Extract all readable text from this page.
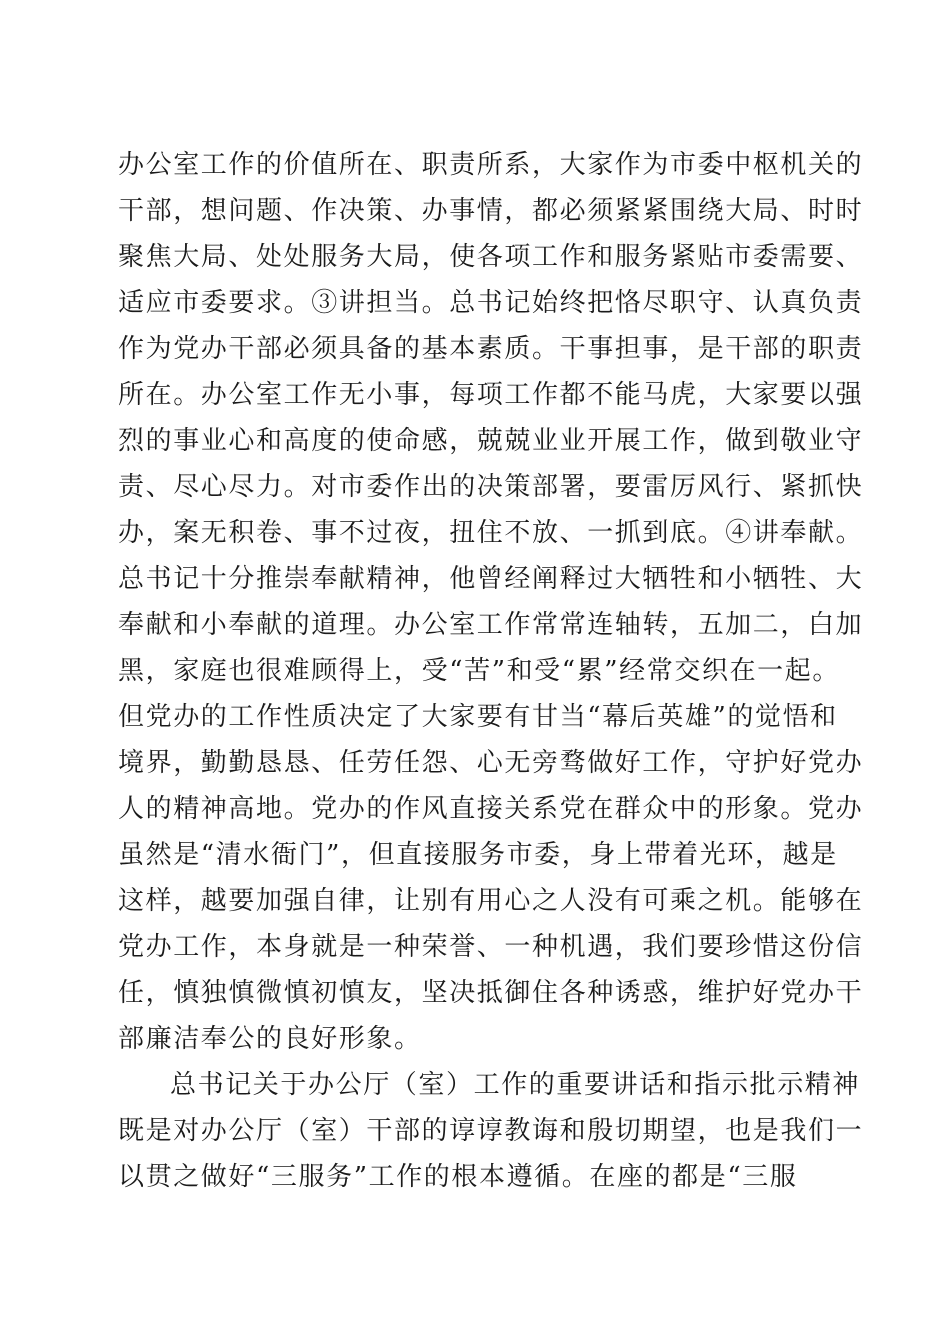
办公室工作的价值所在、职责所系，大家作为市委中枢机关的
干部，想问题、作决策、办事情，都必须紧紧围绕大局、时时
聚焦大局、处处服务大局，使各项工作和服务紧贴市委需要、
适应市委要求。③讲担当。总书记始终把恪尽职守、认真负责
作为党办干部必须具备的基本素质。干事担事，是干部的职责
所在。办公室工作无小事，每项工作都不能马虎，大家要以强
烈的事业心和高度的使命感，兢兢业业开展工作，做到敬业守
责、尽心尽力。对市委作出的决策部署，要雷厉风行、紧抓快
办，案无积卷、事不过夜，扭住不放、一抓到底。④讲奉献。
总书记十分推崇奉献精神，他曾经阐释过大牺牲和小牺牲、大
奉献和小奉献的道理。办公室工作常常连轴转，五加二，白加
黑，家庭也很难顾得上，受“苦”和受“累”经常交织在一起。
但党办的工作性质决定了大家要有甘当“幕后英雄”的觉悟和
境界，勤勤恳恳、任劳任怨、心无旁骛做好工作，守护好党办
人的精神高地。党办的作风直接关系党在群众中的形象。党办
虽然是“清水衙门”，但直接服务市委，身上带着光环，越是
这样，越要加强自律，让别有用心之人没有可乘之机。能够在
党办工作，本身就是一种荣誉、一种机遇，我们要珍惜这份信
任，慎独慎微慎初慎友，坚决抵御住各种诱惑，维护好党办干
部廉洁奉公的良好形象。
总书记关于办公厅（室）工作的重要讲话和指示批示精神
既是对办公厅（室）干部的谆谆教诲和殷切期望，也是我们一
以贯之做好“三服务”工作的根本遵循。在座的都是“三服
